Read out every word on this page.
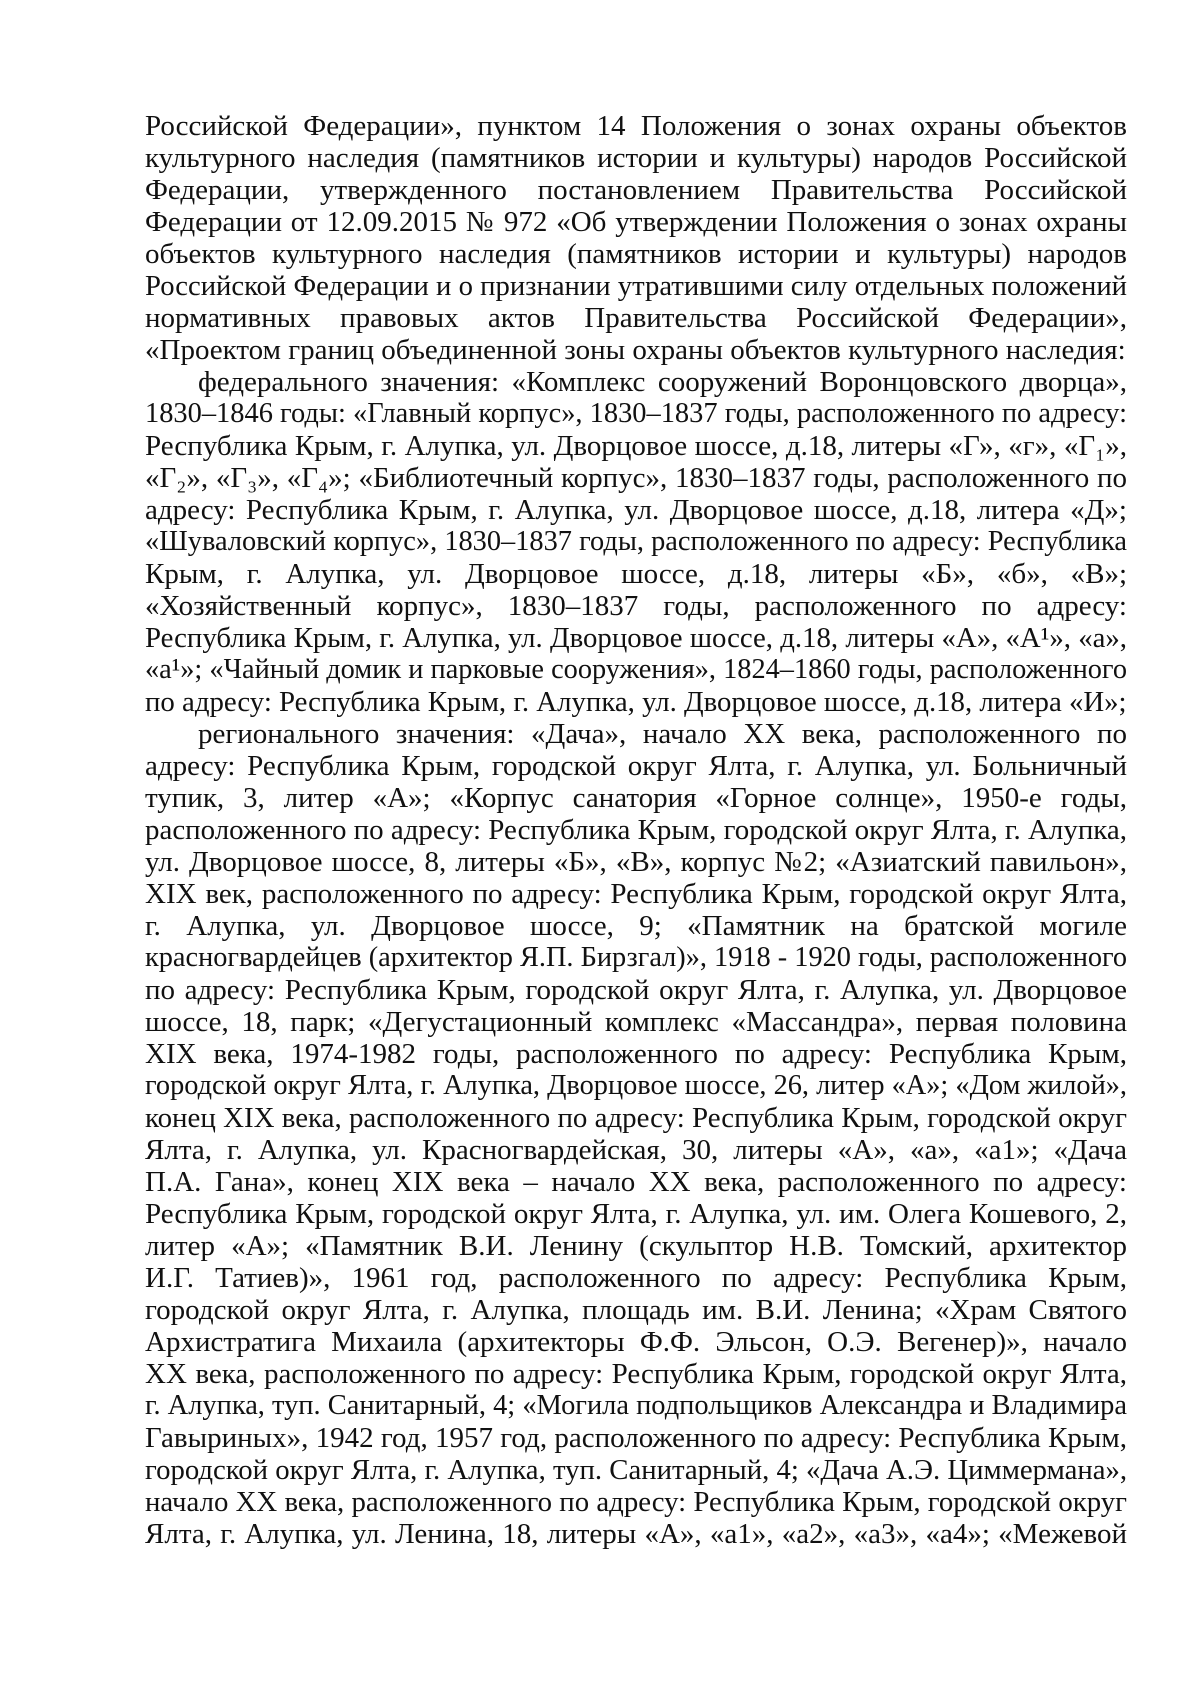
Российской Федерации», пунктом 14 Положения о зонах охраны объектов
культурного наследия (памятников истории и культуры) народов Российской
Федерации, утвержденного постановлением Правительства Российской
Федерации от 12.09.2015 № 972 «Об утверждении Положения о зонах охраны
объектов культурного наследия (памятников истории и культуры) народов
Российской Федерации и о признании утратившими силу отдельных положений
нормативных правовых актов Правительства Российской Федерации»,
«Проектом границ объединенной зоны охраны объектов культурного наследия:
федерального значения: «Комплекс сооружений Воронцовского дворца»,
1830–1846 годы: «Главный корпус», 1830–1837 годы, расположенного по адресу:
Республика Крым, г. Алупка, ул. Дворцовое шоссе, д.18, литеры «Г», «г», «Г₁»,
«Г₂», «Г₃», «Г₄»; «Библиотечный корпус», 1830–1837 годы, расположенного по
адресу: Республика Крым, г. Алупка, ул. Дворцовое шоссе, д.18, литера «Д»;
«Шуваловский корпус», 1830–1837 годы, расположенного по адресу: Республика
Крым, г. Алупка, ул. Дворцовое шоссе, д.18, литеры «Б», «б», «В»;
«Хозяйственный корпус», 1830–1837 годы, расположенного по адресу:
Республика Крым, г. Алупка, ул. Дворцовое шоссе, д.18, литеры «А», «А¹», «а»,
«а¹»; «Чайный домик и парковые сооружения», 1824–1860 годы, расположенного
по адресу: Республика Крым, г. Алупка, ул. Дворцовое шоссе, д.18, литера «И»;
регионального значения: «Дача», начало XX века, расположенного по
адресу: Республика Крым, городской округ Ялта, г. Алупка, ул. Больничный
тупик, 3, литер «А»; «Корпус санатория «Горное солнце», 1950-е годы,
расположенного по адресу: Республика Крым, городской округ Ялта, г. Алупка,
ул. Дворцовое шоссе, 8, литеры «Б», «В», корпус №2; «Азиатский павильон»,
XIX век, расположенного по адресу: Республика Крым, городской округ Ялта,
г. Алупка, ул. Дворцовое шоссе, 9; «Памятник на братской могиле
красногвардейцев (архитектор Я.П. Бирзгал)», 1918 - 1920 годы, расположенного
по адресу: Республика Крым, городской округ Ялта, г. Алупка, ул. Дворцовое
шоссе, 18, парк; «Дегустационный комплекс «Массандра», первая половина
XIX века, 1974-1982 годы, расположенного по адресу: Республика Крым,
городской округ Ялта, г. Алупка, Дворцовое шоссе, 26, литер «А»; «Дом жилой»,
конец XIX века, расположенного по адресу: Республика Крым, городской округ
Ялта, г. Алупка, ул. Красногвардейская, 30, литеры «А», «а», «а1»; «Дача
П.А. Гана», конец XIX века – начало XX века, расположенного по адресу:
Республика Крым, городской округ Ялта, г. Алупка, ул. им. Олега Кошевого, 2,
литер «А»; «Памятник В.И. Ленину (скульптор Н.В. Томский, архитектор
И.Г. Татиев)», 1961 год, расположенного по адресу: Республика Крым,
городской округ Ялта, г. Алупка, площадь им. В.И. Ленина; «Храм Святого
Архистратига Михаила (архитекторы Ф.Ф. Эльсон, О.Э. Вегенер)», начало
XX века, расположенного по адресу: Республика Крым, городской округ Ялта,
г. Алупка, туп. Санитарный, 4; «Могила подпольщиков Александра и Владимира
Гавыриных», 1942 год, 1957 год, расположенного по адресу: Республика Крым,
городской округ Ялта, г. Алупка, туп. Санитарный, 4; «Дача А.Э. Циммермана»,
начало XX века, расположенного по адресу: Республика Крым, городской округ
Ялта, г. Алупка, ул. Ленина, 18, литеры «А», «а1», «а2», «а3», «а4»; «Межевой
